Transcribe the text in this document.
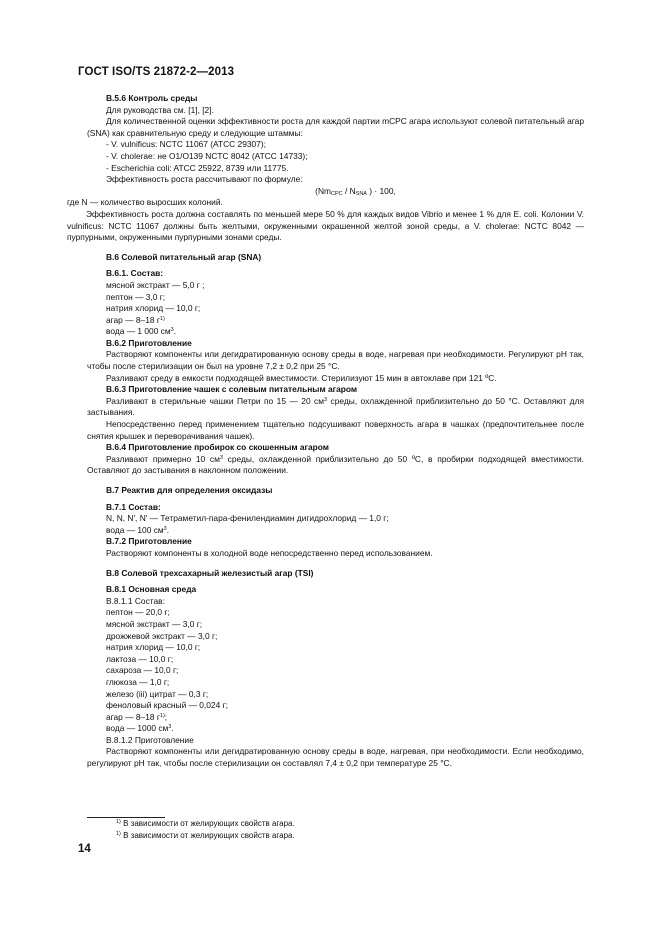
ГОСТ ISO/TS 21872-2—2013

B.5.6 Контроль среды

Для руководства см. [1], [2].

Для количественной оценки эффективности роста для каждой партии mCPC агара используют солевой питательный агар (SNA) как сравнительную среду и следующие штаммы:

- V. vulnificus: NCTC 11067 (ATCC 29307);

- V. cholerae: не О1/О139 NCTC 8042 (ATCC 14733);

- Escherichia coli: ATCC 25922, 8739 или 11775.

Эффективность роста рассчитывают по формуле:

($Nm_{CPC} / N_{SNA}$ ) · 100,

где N — количество выросших колоний.

Эффективность роста должна составлять по меньшей мере 50 % для каждых видов Vibrio и менее 1 % для E. coli. Колонии V. vulnificus: NCTC 11067 должны быть желтыми, окруженными окрашенной желтой зоной среды, а V. cholerae: NCTC 8042 — пурпурными, окруженными пурпурными зонами среды.

B.6 Солевой питательный агар (SNA)

B.6.1. Состав:

мясной экстракт — 5,0 г ;

пептон — 3,0 г;

натрия хлорид — 10,0 г;

агар — 8–18 $г^{1)}$

вода — 1 000 $см^3$.

B.6.2 Приготовление

Растворяют компоненты или дегидратированную основу среды в воде, нагревая при необходимости. Регулируют рН так, чтобы после стерилизации он был на уровне 7,2 ± 0,2 при 25 °С.

Разливают среду в емкости подходящей вместимости. Стерилизуют 15 мин в автоклаве при 121 ºС.

B.6.3 Приготовление чашек с солевым питательным агаром

Разливают в стерильные чашки Петри по 15 — 20 $см^3$ среды, охлажденной приблизительно до 50 °С. Оставляют для застывания.

Непосредственно перед применением тщательно подсушивают поверхность агара в чашках (предпочтительнее после снятия крышек и переворачивания чашек).

B.6.4 Приготовление пробирок со скошенным агаром

Разливают примерно 10 $см^3$ среды, охлажденной приблизительно до 50 ºС, в пробирки подходящей вместимости. Оставляют до застывания в наклонном положении.

B.7 Реактив для определения оксидазы

B.7.1 Состав:

N, N, N', N' — Тетраметил-пара-фенилендиамин дигидрохлорид — 1,0 г;

вода — 100 $см^3$.

B.7.2 Приготовление

Растворяют компоненты в холодной воде непосредственно перед использованием.

B.8 Солевой трехсахарный железистый агар (TSI)

B.8.1 Основная среда

B.8.1.1 Состав:

пептон — 20,0 г;

мясной экстракт — 3,0 г;

дрожжевой экстракт — 3,0 г;

натрия хлорид — 10,0 г;

лактоза — 10,0 г;

сахароза — 10,0 г;

глюкоза — 1,0 г;

железо (iii) цитрат — 0,3 г;

феноловый красный — 0,024 г;

агар — 8–18 $г^{1)}$;

вода — 1000 $см^3$.

B.8.1.2 Приготовление

Растворяют компоненты или дегидратированную основу среды в воде, нагревая, при необходимости. Если необходимо, регулируют рН так, чтобы после стерилизации он составлял 7,4 ± 0,2 при температуре 25 °С.

$^{1)}$ В зависимости от желирующих свойств агара.
$^{1)}$ В зависимости от желирующих свойств агара.
14
